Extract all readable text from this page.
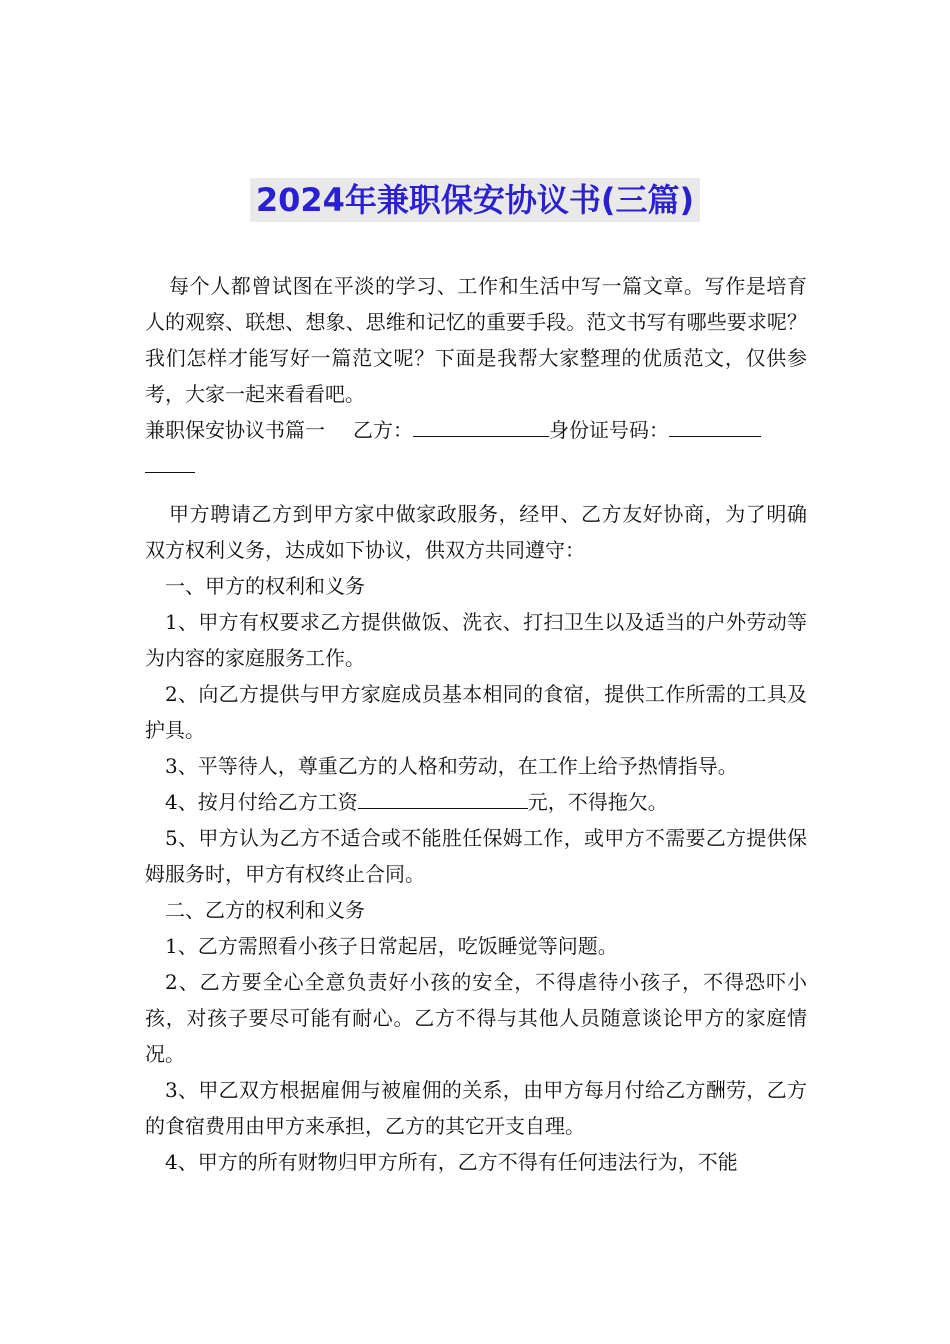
2024年兼职保安协议书(三篇)

每个人都曾试图在平淡的学习、工作和生活中写一篇文章。写作是培育人的观察、联想、想象、思维和记忆的重要手段。范文书写有哪些要求呢？我们怎样才能写好一篇范文呢？下面是我帮大家整理的优质范文，仅供参考，大家一起来看看吧。

兼职保安协议书篇一 乙方：	身份证号码：

甲方聘请乙方到甲方家中做家政服务，经甲、乙方友好协商，为了明确双方权利义务，达成如下协议，供双方共同遵守：

一、甲方的权利和义务

1、甲方有权要求乙方提供做饭、洗衣、打扫卫生以及适当的户外劳动等为内容的家庭服务工作。

2、向乙方提供与甲方家庭成员基本相同的食宿，提供工作所需的工具及护具。

3、平等待人，尊重乙方的人格和劳动，在工作上给予热情指导。

4、按月付给乙方工资	元，不得拖欠。

5、甲方认为乙方不适合或不能胜任保姆工作，或甲方不需要乙方提供保姆服务时，甲方有权终止合同。

二、乙方的权利和义务

1、乙方需照看小孩子日常起居，吃饭睡觉等问题。

2、乙方要全心全意负责好小孩的安全，不得虐待小孩子，不得恐吓小孩，对孩子要尽可能有耐心。乙方不得与其他人员随意谈论甲方的家庭情况。

3、甲乙双方根据雇佣与被雇佣的关系，由甲方每月付给乙方酬劳，乙方的食宿费用由甲方来承担，乙方的其它开支自理。

4、甲方的所有财物归甲方所有，乙方不得有任何违法行为，不能
